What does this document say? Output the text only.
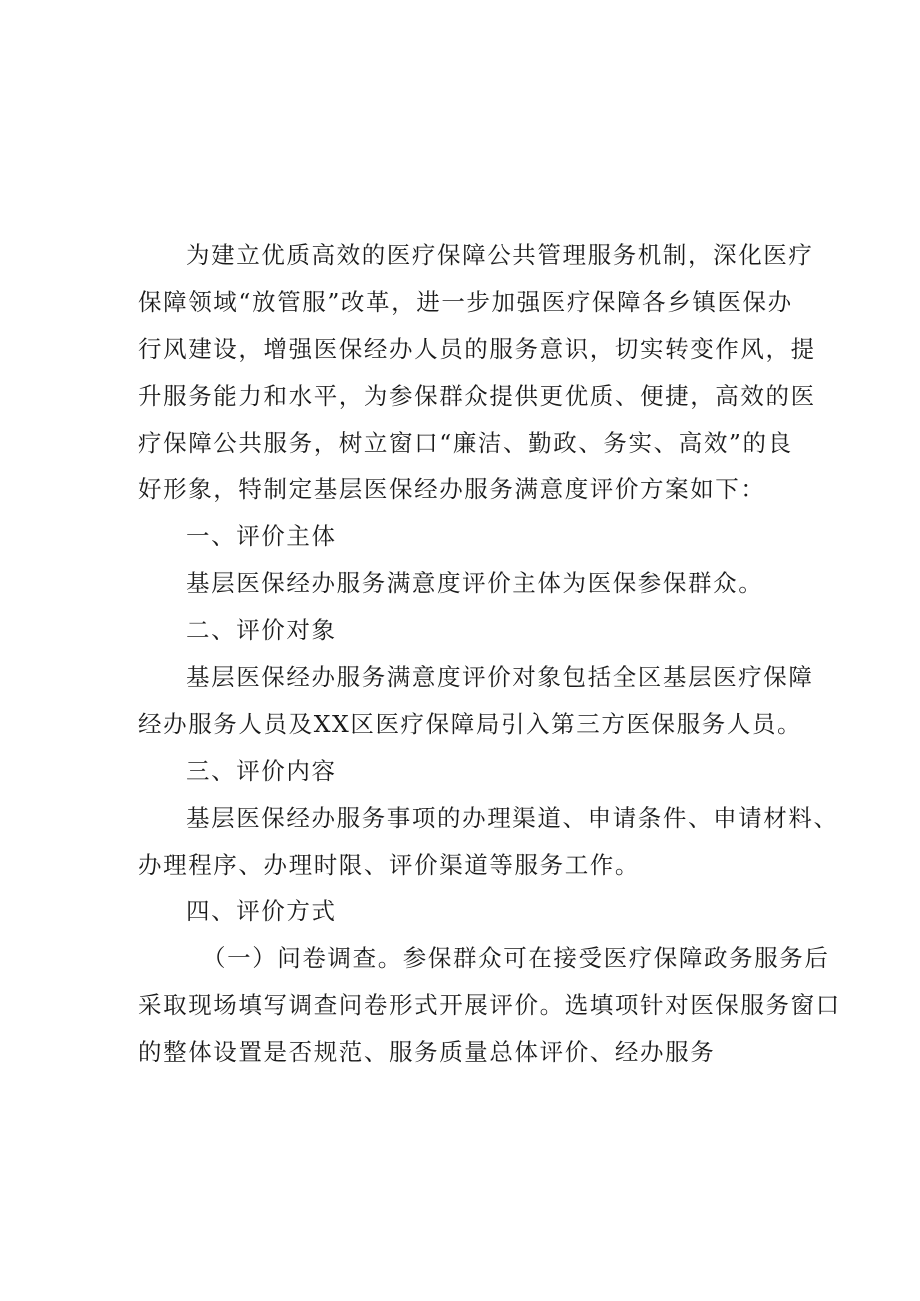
为建立优质高效的医疗保障公共管理服务机制，深化医疗
保障领域“放管服”改革，进一步加强医疗保障各乡镇医保办
行风建设，增强医保经办人员的服务意识，切实转变作风，提
升服务能力和水平，为参保群众提供更优质、便捷，高效的医
疗保障公共服务，树立窗口“廉洁、勤政、务实、高效”的良
好形象，特制定基层医保经办服务满意度评价方案如下：
一、评价主体
基层医保经办服务满意度评价主体为医保参保群众。
二、评价对象
基层医保经办服务满意度评价对象包括全区基层医疗保障
经办服务人员及XX区医疗保障局引入第三方医保服务人员。
三、评价内容
基层医保经办服务事项的办理渠道、申请条件、申请材料、
办理程序、办理时限、评价渠道等服务工作。
四、评价方式
（一）问卷调查。参保群众可在接受医疗保障政务服务后
采取现场填写调查问卷形式开展评价。选填项针对医保服务窗口
的整体设置是否规范、服务质量总体评价、经办服务
